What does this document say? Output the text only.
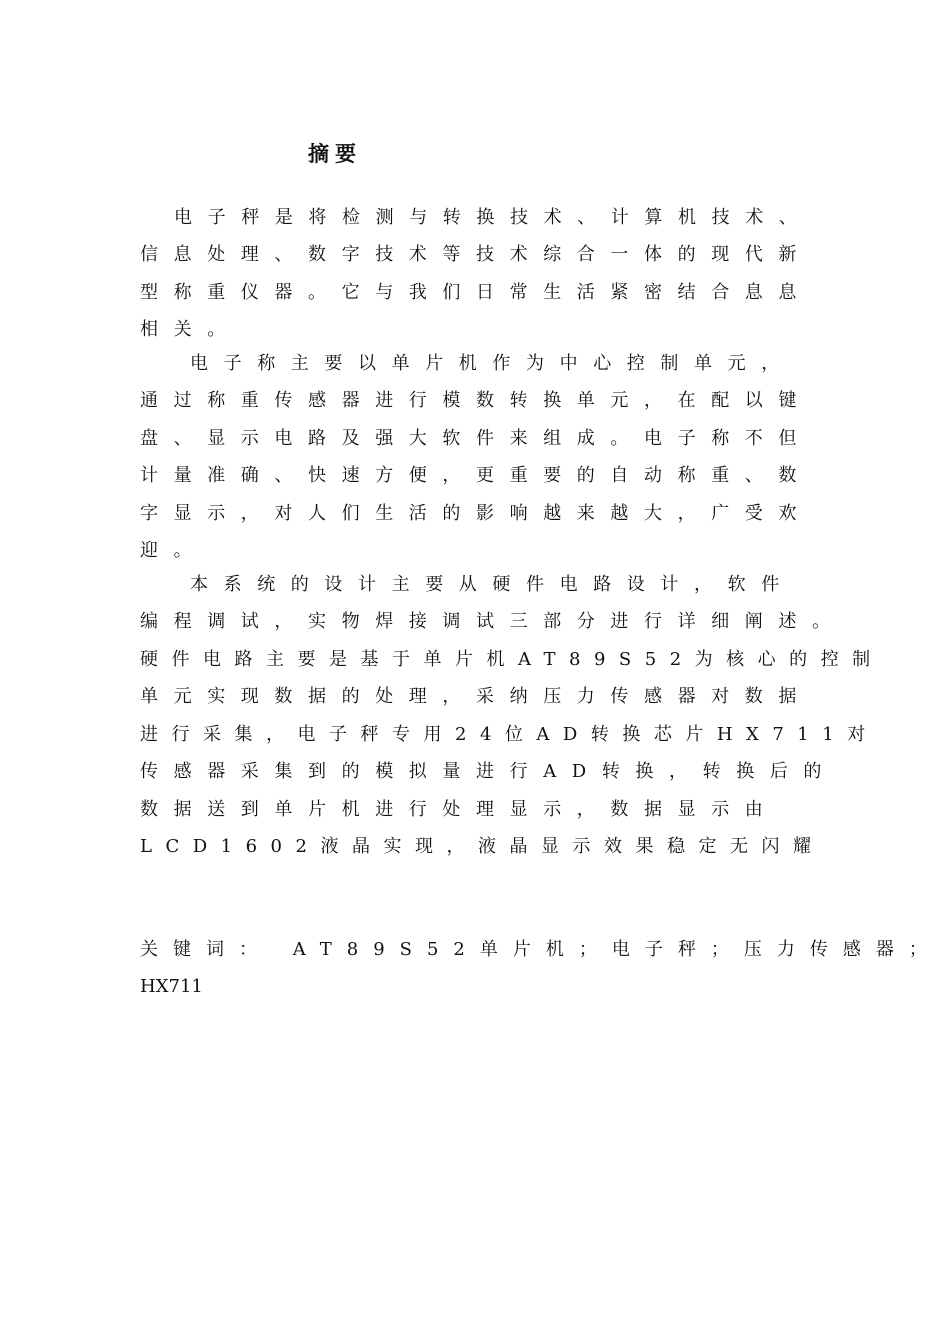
摘要
电子秤是将检测与转换技术、计算机技术、
信息处理、数字技术等技术综合一体的现代新
型称重仪器。它与我们日常生活紧密结合息息
相关。
电子称主要以单片机作为中心控制单元，
通过称重传感器进行模数转换单元，在配以键
盘、显示电路及强大软件来组成。电子称不但
计量准确、快速方便，更重要的自动称重、数
字显示，对人们生活的影响越来越大，广受欢
迎。
本系统的设计主要从硬件电路设计，软件
编程调试，实物焊接调试三部分进行详细阐述。
硬件电路主要是基于单片机AT89S52为核心的控制
单元实现数据的处理，采纳压力传感器对数据
进行采集，电子秤专用24位AD转换芯片HX711对
传感器采集到的模拟量进行AD转换，转换后的
数据送到单片机进行处理显示，数据显示由
LCD1602液晶实现，液晶显示效果稳定无闪耀
关键词： AT89S52单片机；电子秤；压力传感器；
HX711
